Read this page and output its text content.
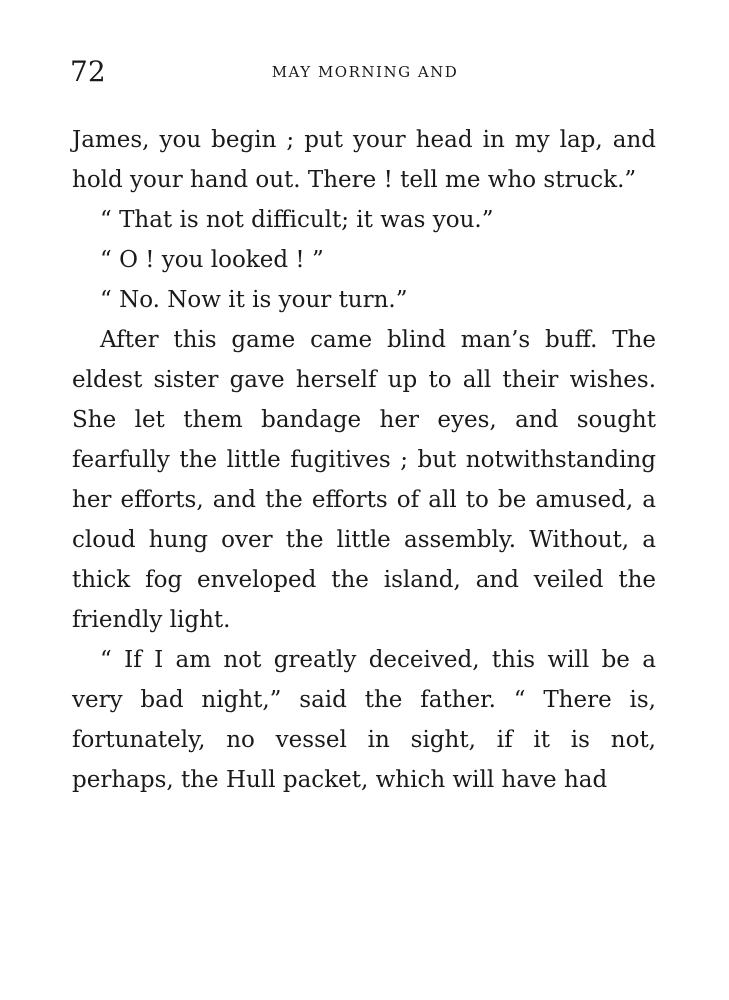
72	MAY MORNING AND

James, you begin ; put your head in my lap, and hold your hand out. There ! tell me who struck.”

“ That is not difficult; it was you.”

“ O ! you looked ! ”

“ No. Now it is your turn.”

After this game came blind man’s buff. The eldest sister gave herself up to all their wishes. She let them bandage her eyes, and sought fearfully the little fugitives ; but notwithstanding her efforts, and the efforts of all to be amused, a cloud hung over the little assembly. Without, a thick fog enveloped the island, and veiled the friendly light.

“ If I am not greatly deceived, this will be a very bad night,” said the father. “ There is, fortunately, no vessel in sight, if it is not, perhaps, the Hull packet, which will have had
